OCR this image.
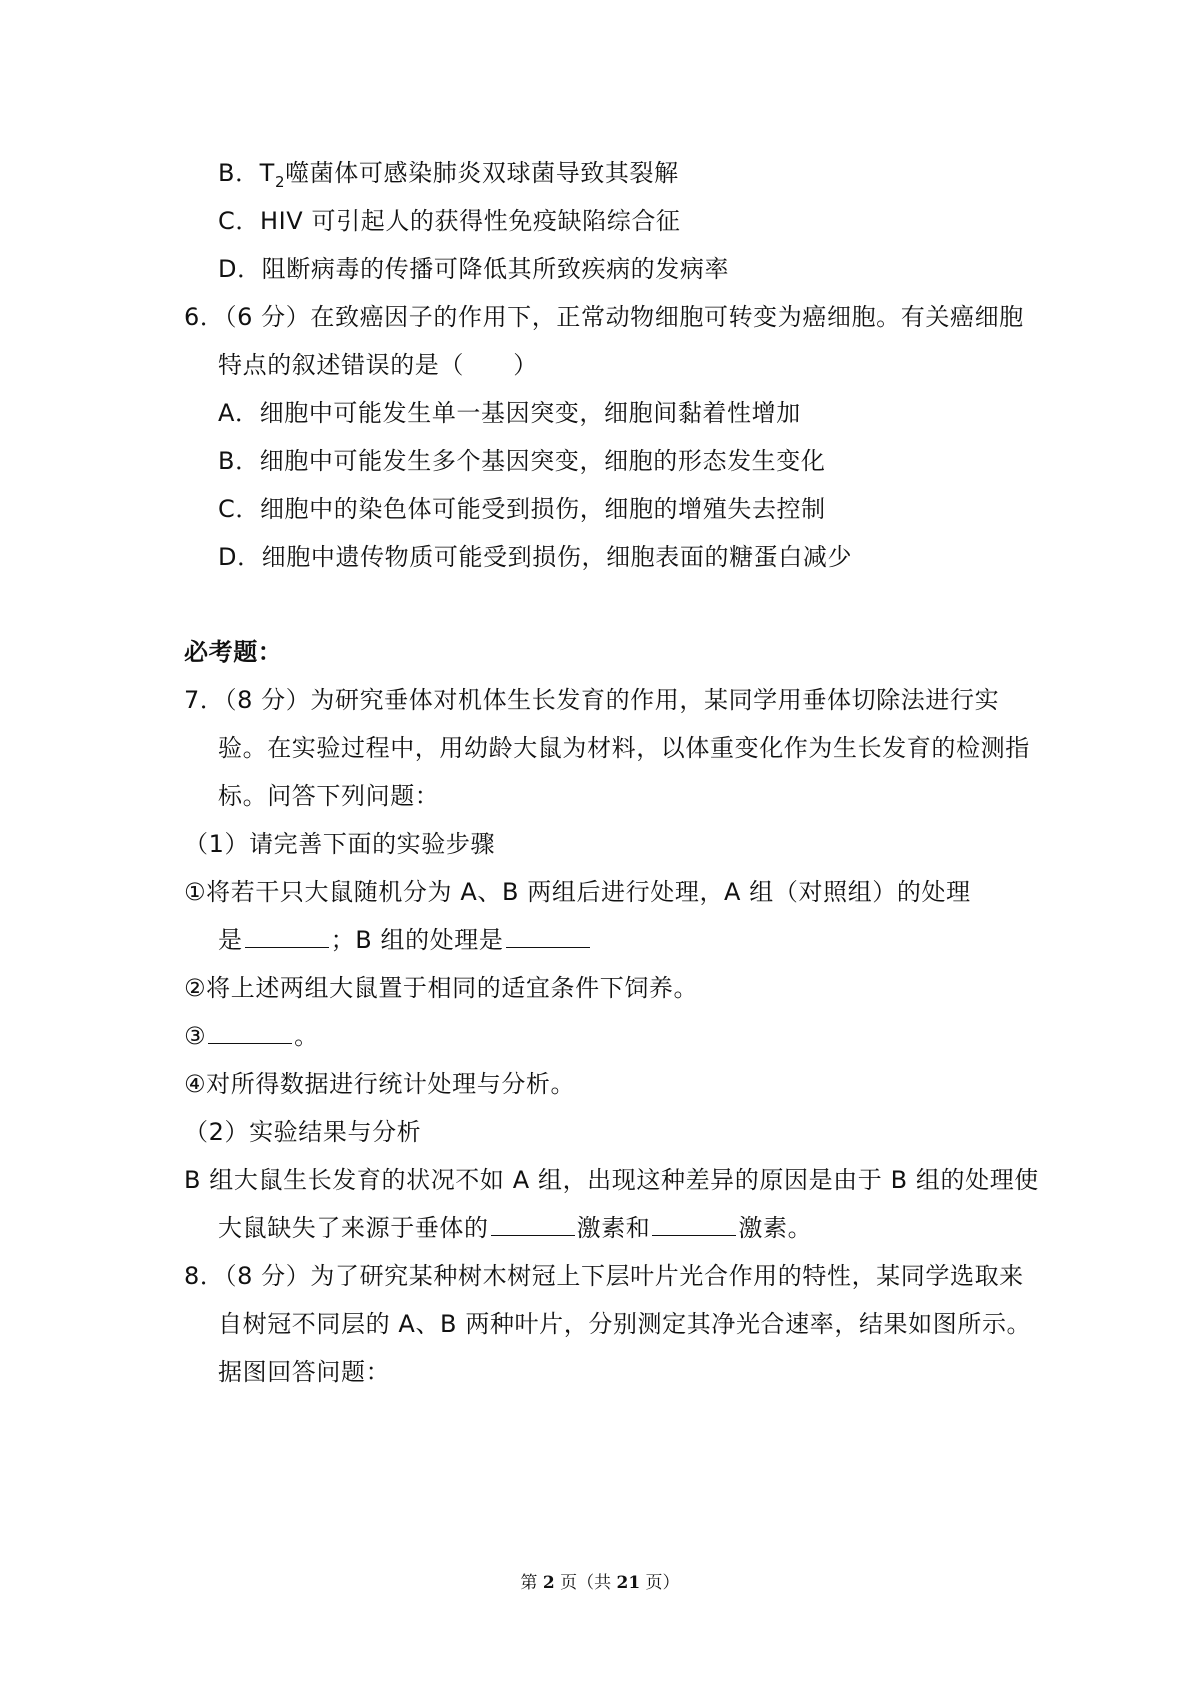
B．$T_2$噬菌体可感染肺炎双球菌导致其裂解
C．HIV 可引起人的获得性免疫缺陷综合征
D．阻断病毒的传播可降低其所致疾病的发病率
6．（6 分）在致癌因子的作用下，正常动物细胞可转变为癌细胞。有关癌细胞
特点的叙述错误的是（　　）
A．细胞中可能发生单一基因突变，细胞间黏着性增加
B．细胞中可能发生多个基因突变，细胞的形态发生变化
C．细胞中的染色体可能受到损伤，细胞的增殖失去控制
D．细胞中遗传物质可能受到损伤，细胞表面的糖蛋白减少
必考题：
7．（8 分）为研究垂体对机体生长发育的作用，某同学用垂体切除法进行实
验。在实验过程中，用幼龄大鼠为材料，以体重变化作为生长发育的检测指
标。问答下列问题：
（1）请完善下面的实验步骤
①将若干只大鼠随机分为 A、B 两组后进行处理，A 组（对照组）的处理
是	；B 组的处理是
②将上述两组大鼠置于相同的适宜条件下饲养。
③	。
④对所得数据进行统计处理与分析。
（2）实验结果与分析
B 组大鼠生长发育的状况不如 A 组，出现这种差异的原因是由于 B 组的处理使
大鼠缺失了来源于垂体的	激素和	激素。
8．（8 分）为了研究某种树木树冠上下层叶片光合作用的特性，某同学选取来
自树冠不同层的 A、B 两种叶片，分别测定其净光合速率，结果如图所示。
据图回答问题：
第 2 页（共 21 页）
